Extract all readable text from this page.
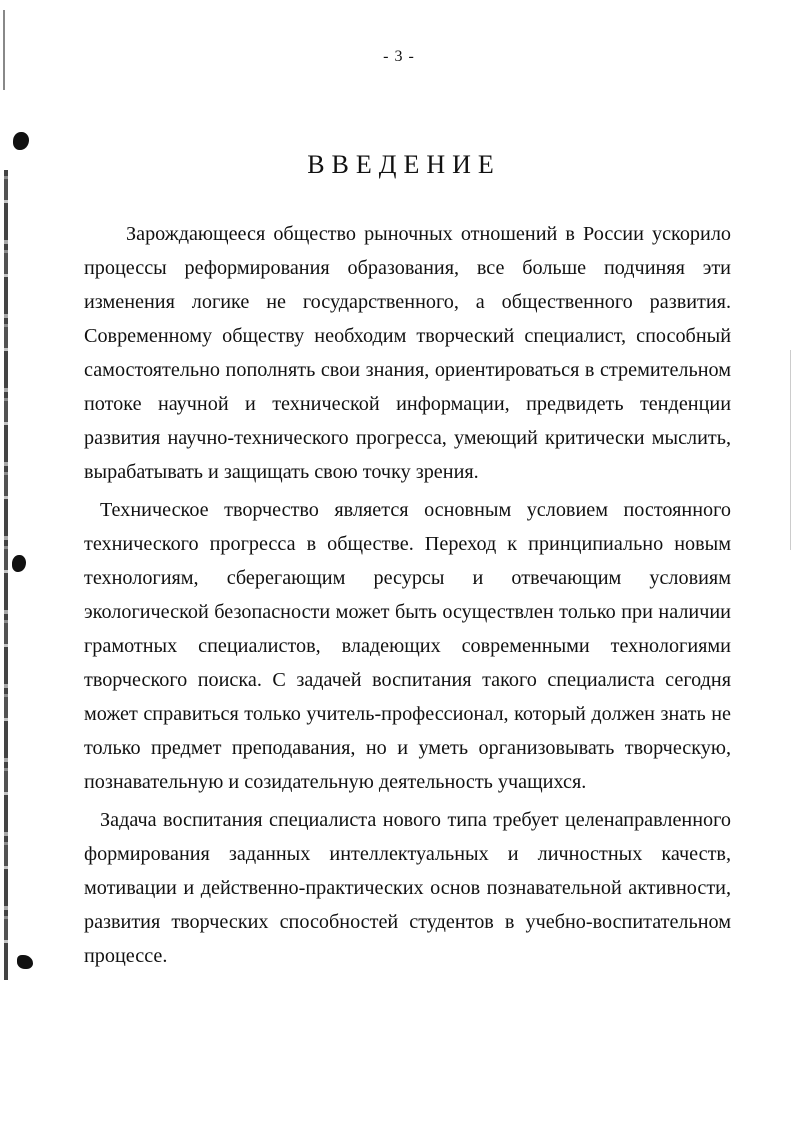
- 3 -
ВВЕДЕНИЕ

Зарождающееся общество рыночных отношений в России ускорило процессы реформирования образования, все больше подчиняя эти изменения логике не государственного, а общественного развития. Современному обществу необходим творческий специалист, способный самостоятельно пополнять свои знания, ориентироваться в стремительном потоке научной и технической информации, предвидеть тенденции развития научно-технического прогресса, умеющий критически мыслить, вырабатывать и защищать свою точку зрения.

Техническое творчество является основным условием постоянного технического прогресса в обществе. Переход к принципиально новым технологиям, сберегающим ресурсы и отвечающим условиям экологической безопасности может быть осуществлен только при наличии грамотных специалистов, владеющих современными технологиями творческого поиска. С задачей воспитания такого специалиста сегодня может справиться только учитель-профессионал, который должен знать не только предмет преподавания, но и уметь организовывать творческую, познавательную и созидательную деятельность учащихся.

Задача воспитания специалиста нового типа требует целенаправленного формирования заданных интеллектуальных и личностных качеств, мотивации и действенно-практических основ познавательной активности, развития творческих способностей студентов в учебно-воспитательном процессе.
